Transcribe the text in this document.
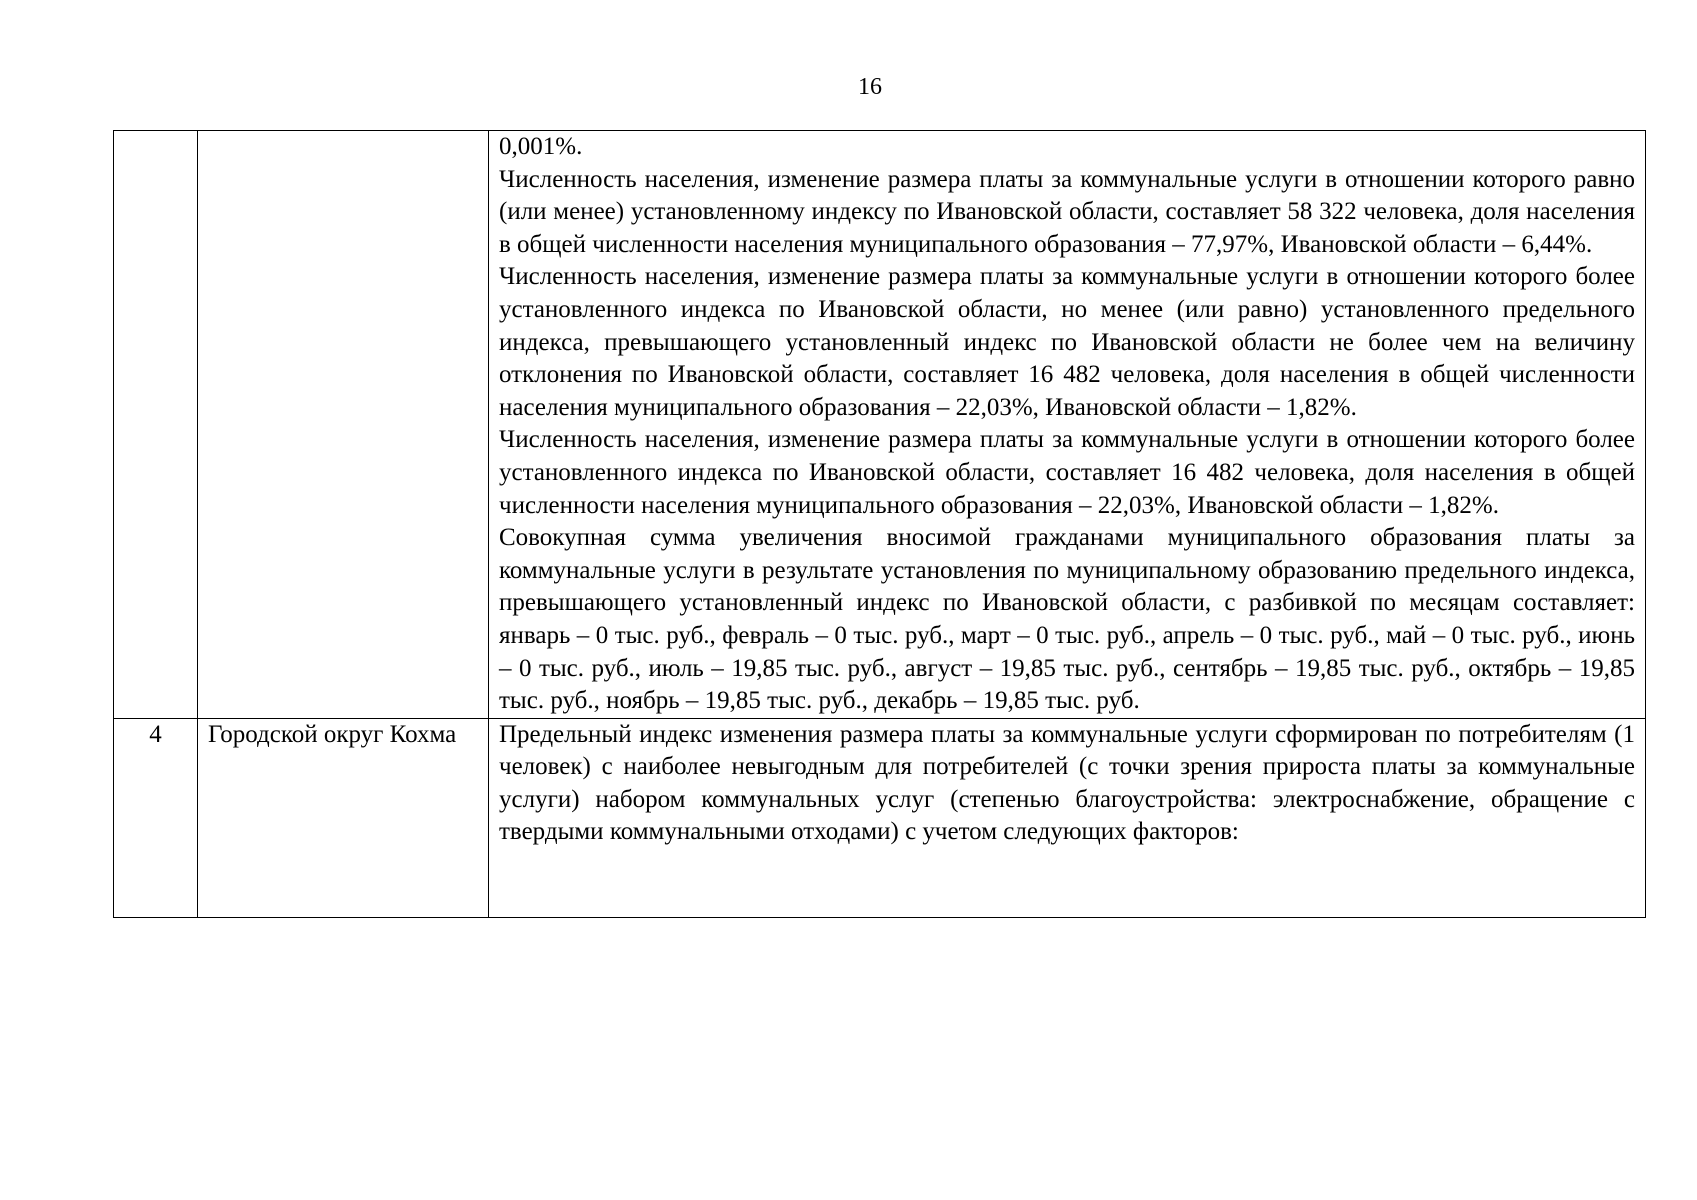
16

		0,001%.

Численность населения, изменение размера платы за коммунальные услуги в отношении которого равно (или менее) установленному индексу по Ивановской области, составляет 58 322 человека, доля населения в общей численности населения муниципального образования – 77,97%, Ивановской области – 6,44%.

Численность населения, изменение размера платы за коммунальные услуги в отношении которого более установленного индекса по Ивановской области, но менее (или равно) установленного предельного индекса, превышающего установленный индекс по Ивановской области не более чем на величину отклонения по Ивановской области, составляет 16 482 человека, доля населения в общей численности населения муниципального образования – 22,03%, Ивановской области – 1,82%.

Численность населения, изменение размера платы за коммунальные услуги в отношении которого более установленного индекса по Ивановской области, составляет 16 482 человека, доля населения в общей численности населения муниципального образования – 22,03%, Ивановской области – 1,82%.

Совокупная сумма увеличения вносимой гражданами муниципального образования платы за коммунальные услуги в результате установления по муниципальному образованию предельного индекса, превышающего установленный индекс по Ивановской области, с разбивкой по месяцам составляет: январь – 0 тыс. руб., февраль – 0 тыс. руб., март – 0 тыс. руб., апрель – 0 тыс. руб., май – 0 тыс. руб., июнь – 0 тыс. руб., июль – 19,85 тыс. руб., август – 19,85 тыс. руб., сентябрь – 19,85 тыс. руб., октябрь – 19,85 тыс. руб., ноябрь – 19,85 тыс. руб., декабрь – 19,85 тыс. руб.

4	Городской округ Кохма	Предельный индекс изменения размера платы за коммунальные услуги сформирован по потребителям (1 человек) с наиболее невыгодным для потребителей (с точки зрения прироста платы за коммунальные услуги) набором коммунальных услуг (степенью благоустройства: электроснабжение, обращение с твердыми коммунальными отходами) с учетом следующих факторов:
